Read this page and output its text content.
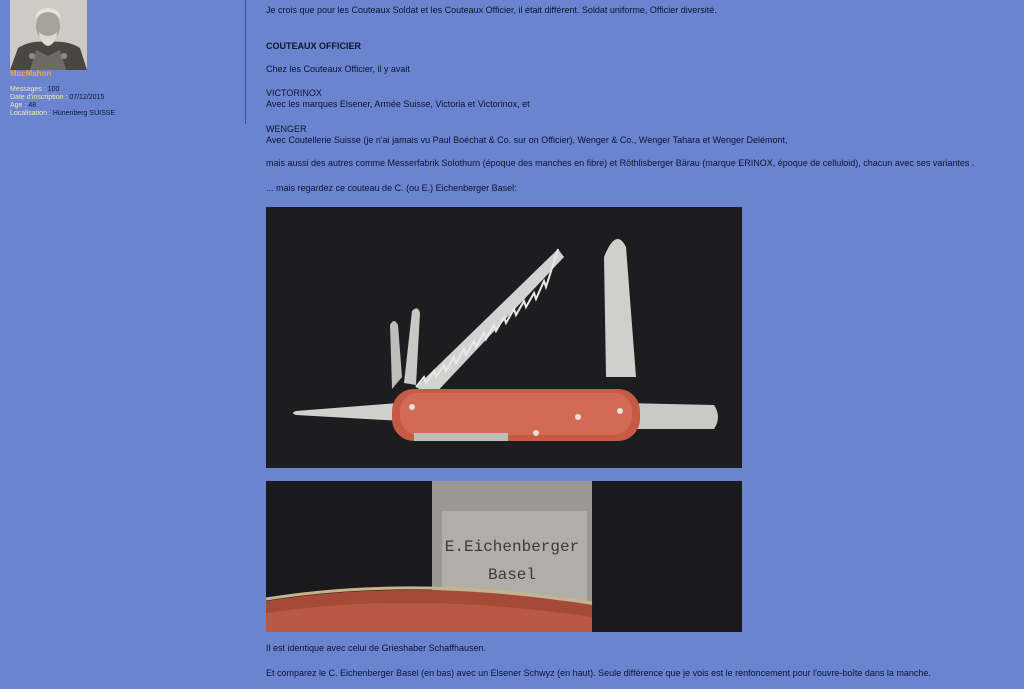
MacMahon
Messages : 100
Date d'inscription : 07/12/2015
Age : 48
Localisation : Hünenberg SUISSE
Je crois que pour les Couteaux Soldat et les Couteaux Officier, il était différent. Soldat uniforme, Officier diversité.
COUTEAUX OFFICIER
Chez les Couteaux Officier, il y avait
VICTORINOX
Avec les marques Elsener, Armée Suisse, Victoria et Victorinox, et
WENGER
Avec Coutellerie Suisse (je n'ai jamais vu Paul Boéchat & Co. sur on Officier), Wenger & Co., Wenger Tahara et Wenger Delémont,
mais aussi des autres comme Messerfabrik Solothurn (époque des manches en fibre) et Röthlisberger Bärau (marque ERINOX, époque de celluloid), chacun avec ses variantes .
... mais regardez ce couteau de C. (ou E.) Eichenberger Basel:
Il est identique avec celui de Grieshaber Schaffhausen.
Et comparez le C. Eichenberger Basel (en bas) avec un Elsener Schwyz (en haut). Seule différence que je vois est le renfoncement pour l'ouvre-boîte dans la manche.
E.Eichenberger
Basel
